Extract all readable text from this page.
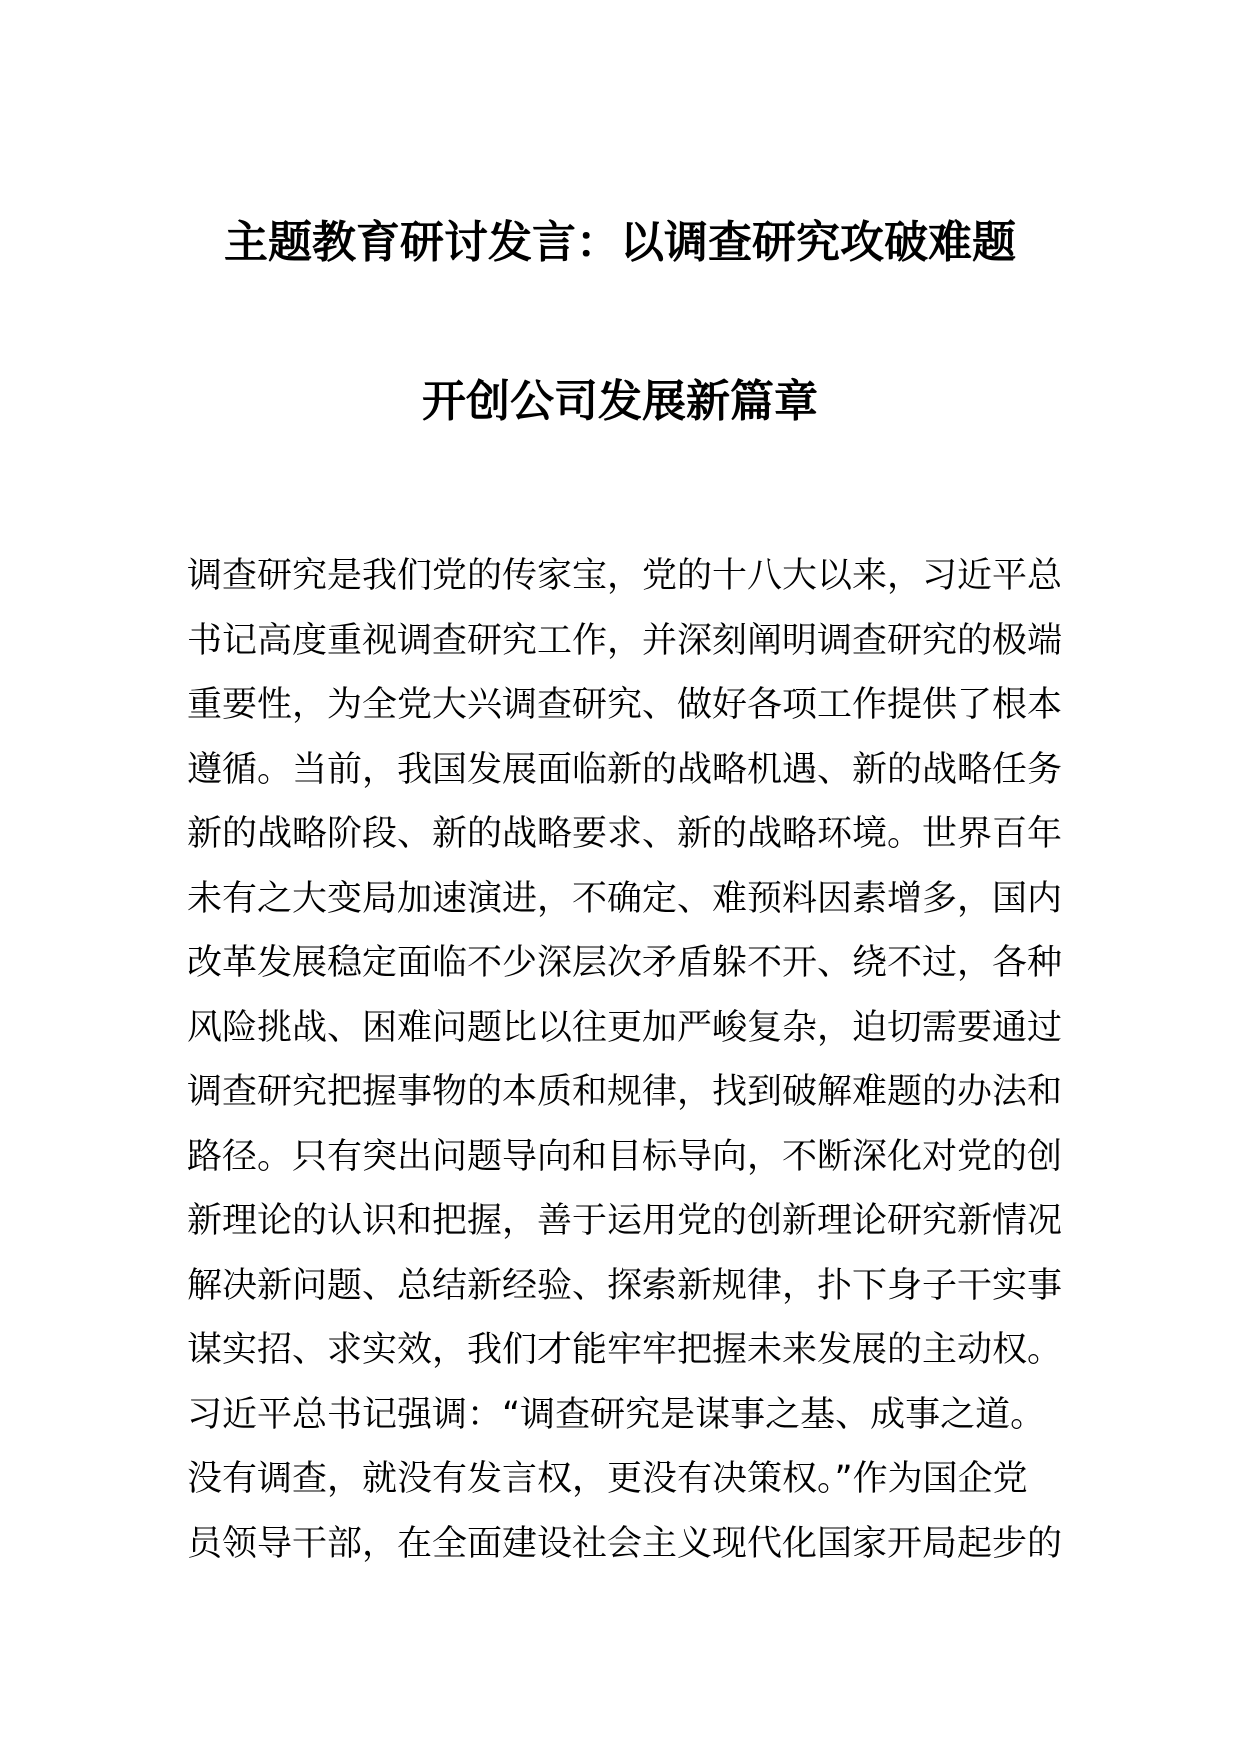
主题教育研讨发言：以调查研究攻破难题
开创公司发展新篇章
调查研究是我们党的传家宝，党的十八大以来，习近平总
书记高度重视调查研究工作，并深刻阐明调查研究的极端
重要性，为全党大兴调查研究、做好各项工作提供了根本
遵循。当前，我国发展面临新的战略机遇、新的战略任务
新的战略阶段、新的战略要求、新的战略环境。世界百年
未有之大变局加速演进，不确定、难预料因素增多，国内
改革发展稳定面临不少深层次矛盾躲不开、绕不过，各种
风险挑战、困难问题比以往更加严峻复杂，迫切需要通过
调查研究把握事物的本质和规律，找到破解难题的办法和
路径。只有突出问题导向和目标导向，不断深化对党的创
新理论的认识和把握，善于运用党的创新理论研究新情况
解决新问题、总结新经验、探索新规律，扑下身子干实事
谋实招、求实效，我们才能牢牢把握未来发展的主动权。
习近平总书记强调：“调查研究是谋事之基、成事之道。
没有调查，就没有发言权，更没有决策权。”作为国企党
员领导干部，在全面建设社会主义现代化国家开局起步的
